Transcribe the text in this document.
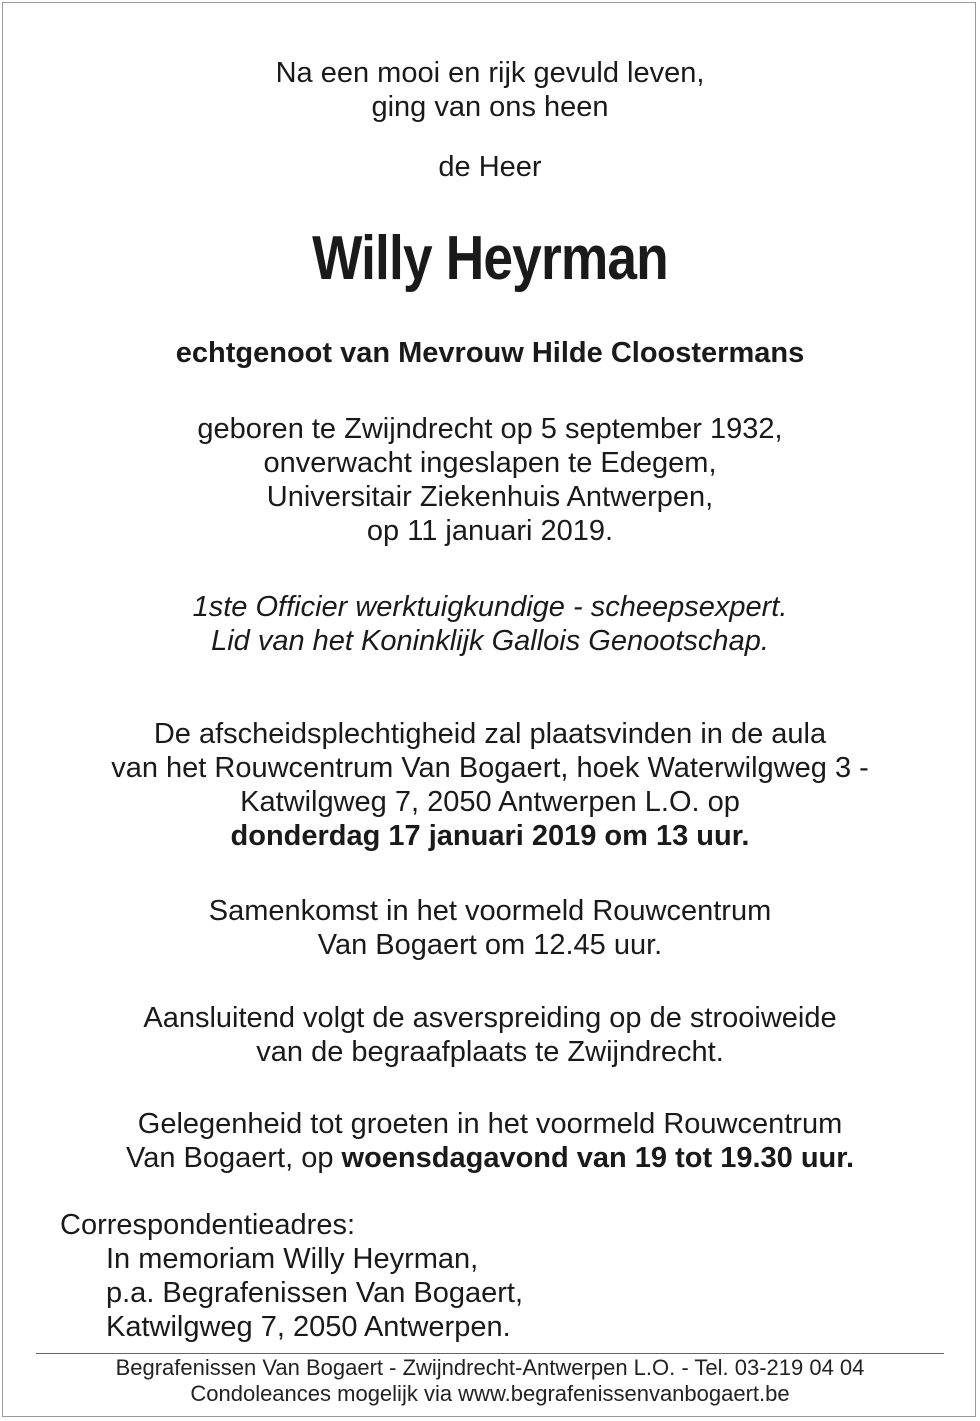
Na een mooi en rijk gevuld leven,
ging van ons heen
de Heer
Willy Heyrman
echtgenoot van Mevrouw Hilde Cloostermans
geboren te Zwijndrecht op 5 september 1932,
onverwacht ingeslapen te Edegem,
Universitair Ziekenhuis Antwerpen,
op 11 januari 2019.
1ste Officier werktuigkundige - scheepsexpert.
Lid van het Koninklijk Gallois Genootschap.
De afscheidsplechtigheid zal plaatsvinden in de aula
van het Rouwcentrum Van Bogaert, hoek Waterwilgweg 3 -
Katwilgweg 7, 2050 Antwerpen L.O. op
donderdag 17 januari 2019 om 13 uur.
Samenkomst in het voormeld Rouwcentrum
Van Bogaert om 12.45 uur.
Aansluitend volgt de asverspreiding op de strooiweide
van de begraafplaats te Zwijndrecht.
Gelegenheid tot groeten in het voormeld Rouwcentrum
Van Bogaert, op woensdagavond van 19 tot 19.30 uur.
Correspondentieadres:
In memoriam Willy Heyrman,
p.a. Begrafenissen Van Bogaert,
Katwilgweg 7, 2050 Antwerpen.
Begrafenissen Van Bogaert - Zwijndrecht-Antwerpen L.O. - Tel. 03-219 04 04
Condoleances mogelijk via www.begrafenissenvanbogaert.be
